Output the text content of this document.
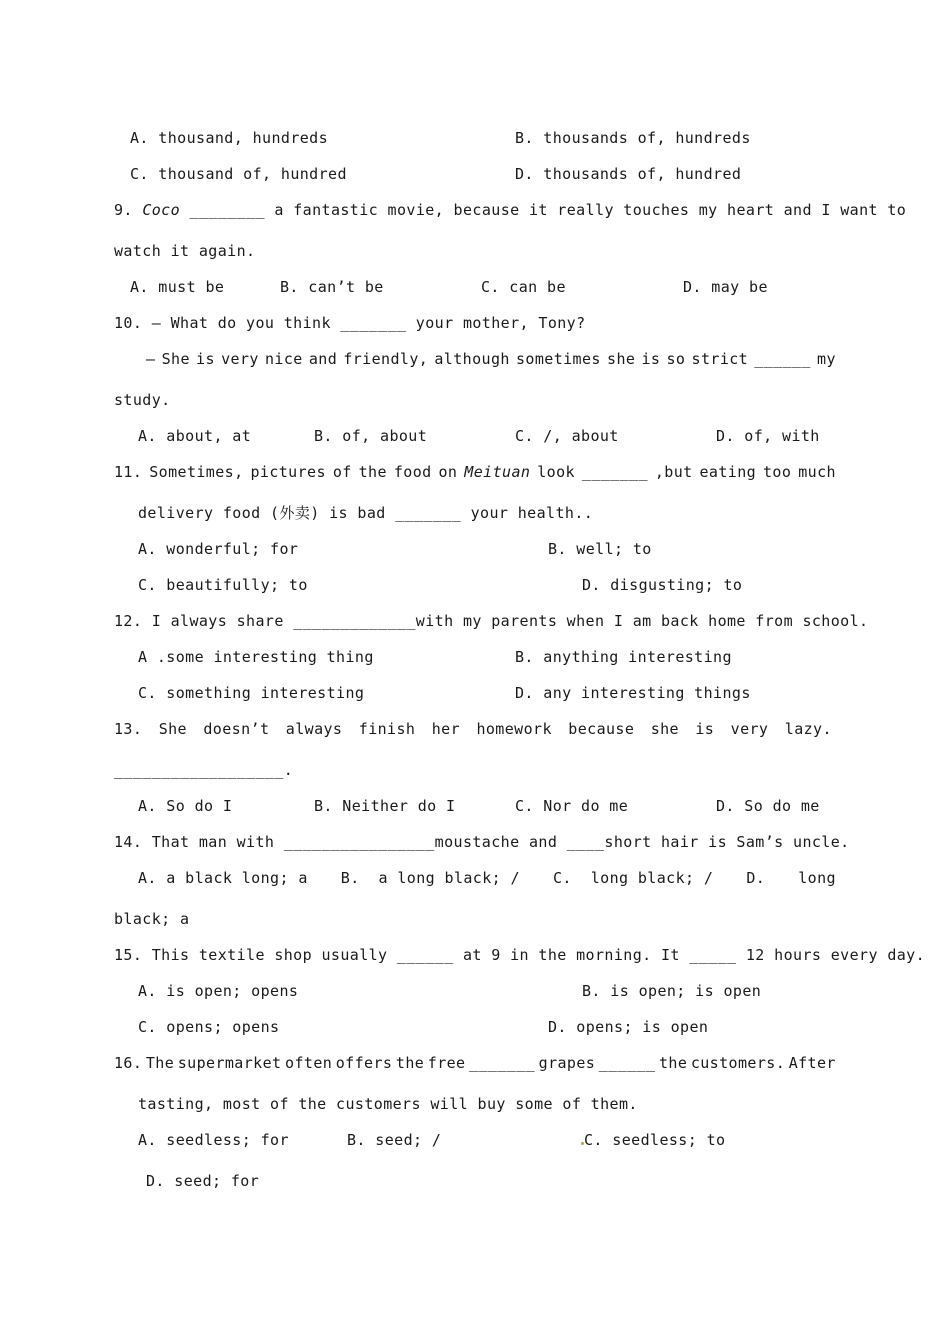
A. thousand, hundreds	B. thousands of, hundreds
C. thousand of, hundred	D. thousands of, hundred
9. Coco ________ a fantastic movie, because it really touches my heart and I want to
watch it again.
A. must be	B. can’t be	C. can be	D. may be
10. – What do you think _______ your mother, Tony?
– She is very nice and friendly, although sometimes she is so strict ______ my
study.
A. about, at	B. of, about	C. /, about	D. of, with
11. Sometimes, pictures of the food on Meituan look _______ ,but eating too much
delivery food (外卖) is bad _______ your health..
A. wonderful; for	B. well; to
C. beautifully; to	D. disgusting; to
12. I always share _____________with my parents when I am back home from school.
A .some interesting thing	B. anything interesting
C. something interesting	D. any interesting things
13. She doesn’t always finish her homework because she is very lazy.
__________________.
A. So do I	B. Neither do I	C. Nor do me	D. So do me
14. That man with ________________moustache and ____short hair is Sam’s uncle.
A. a black long; a B.  a long black; / C.  long black; / D. long
black; a
15. This textile shop usually ______ at 9 in the morning. It _____ 12 hours every day.
A. is open; opens	B. is open; is open
C. opens; opens	D. opens; is open
16. The supermarket often offers the free _______ grapes ______ the customers. After
tasting, most of the customers will buy some of them.
A. seedless; for	B. seed; /	C. seedless; to
D. seed; for
